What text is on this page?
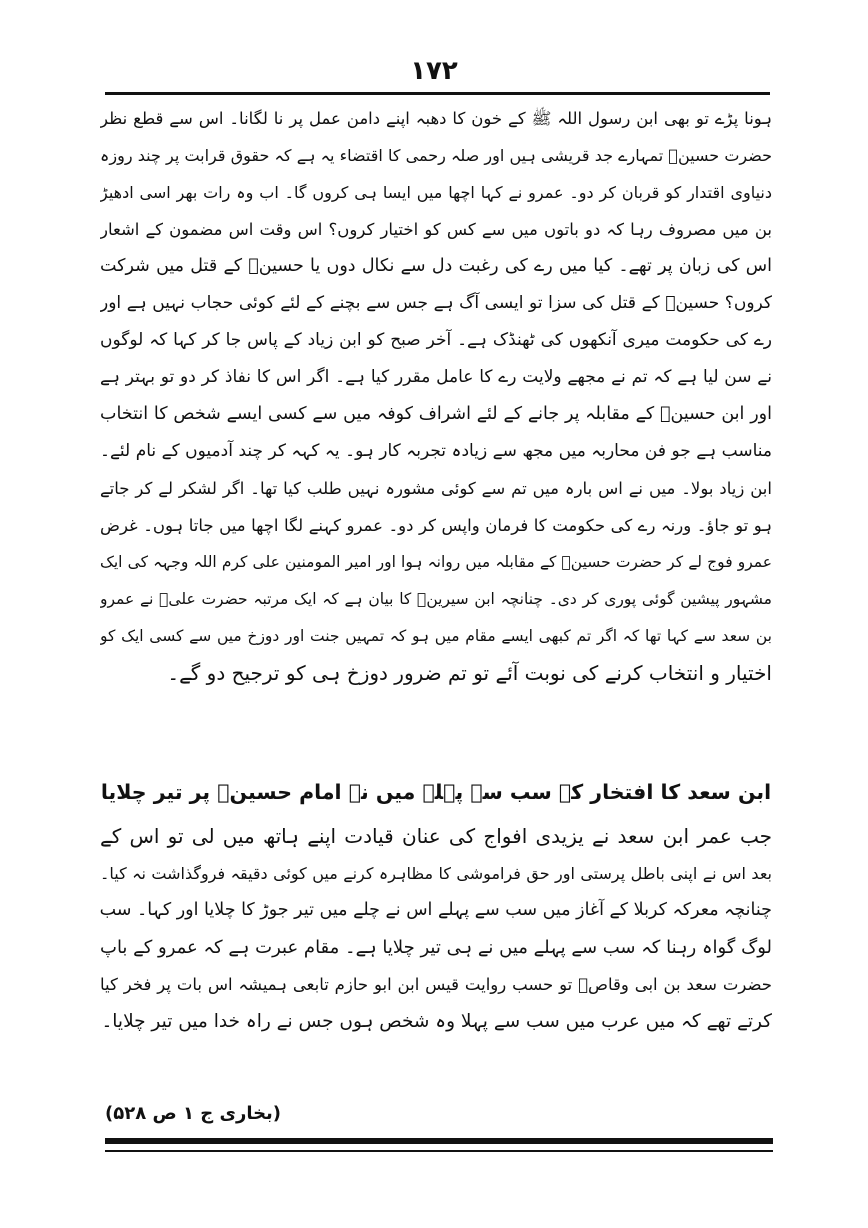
۱۷۲
ہونا پڑے تو بھی ابن رسول اللہ ﷺ کے خون کا دھبہ اپنے دامن عمل پر نا لگانا۔ اس سے قطع نظر
حضرت حسینؓ تمہارے جد قریشی ہیں اور صلہ رحمی کا اقتضاء یہ ہے کہ حقوق قرابت پر چند روزہ
دنیاوی اقتدار کو قربان کر دو۔ عمرو نے کہا اچھا میں ایسا ہی کروں گا۔ اب وہ رات بھر اسی ادھیڑ
بن میں مصروف رہا کہ دو باتوں میں سے کس کو اختیار کروں؟ اس وقت اس مضمون کے اشعار
اس کی زبان پر تھے۔ کیا میں رے کی رغبت دل سے نکال دوں یا حسینؓ کے قتل میں شرکت
کروں؟ حسینؓ کے قتل کی سزا تو ایسی آگ ہے جس سے بچنے کے لئے کوئی حجاب نہیں ہے اور
رے کی حکومت میری آنکھوں کی ٹھنڈک ہے۔ آخر صبح کو ابن زیاد کے پاس جا کر کہا کہ لوگوں
نے سن لیا ہے کہ تم نے مجھے ولایت رے کا عامل مقرر کیا ہے۔ اگر اس کا نفاذ کر دو تو بہتر ہے
اور ابن حسینؓ کے مقابلہ پر جانے کے لئے اشراف کوفہ میں سے کسی ایسے شخص کا انتخاب
مناسب ہے جو فن محاربہ میں مجھ سے زیادہ تجربہ کار ہو۔ یہ کہہ کر چند آدمیوں کے نام لئے۔
ابن زیاد بولا۔ میں نے اس بارہ میں تم سے کوئی مشورہ نہیں طلب کیا تھا۔ اگر لشکر لے کر جاتے
ہو تو جاؤ۔ ورنہ رے کی حکومت کا فرمان واپس کر دو۔ عمرو کہنے لگا اچھا میں جاتا ہوں۔ غرض
عمرو فوج لے کر حضرت حسینؓ کے مقابلہ میں روانہ ہوا اور امیر المومنین علی کرم اللہ وجہہ کی ایک
مشہور پیشین گوئی پوری کر دی۔ چنانچہ ابن سیرینؒ کا بیان ہے کہ ایک مرتبہ حضرت علیؓ نے عمرو
بن سعد سے کہا تھا کہ اگر تم کبھی ایسے مقام میں ہو کہ تمہیں جنت اور دوزخ میں سے کسی ایک کو
اختیار و انتخاب کرنے کی نوبت آئے تو تم ضرور دوزخ ہی کو ترجیح دو گے۔
ابن سعد کا افتخار کہ سب سے پہلے میں نے امام حسینؓ پر تیر چلایا
جب عمر ابن سعد نے یزیدی افواج کی عنان قیادت اپنے ہاتھ میں لی تو اس کے
بعد اس نے اپنی باطل پرستی اور حق فراموشی کا مظاہرہ کرنے میں کوئی دقیقہ فروگذاشت نہ کیا۔
چنانچہ معرکہ کربلا کے آغاز میں سب سے پہلے اس نے چلے میں تیر جوڑ کا چلایا اور کہا۔ سب
لوگ گواہ رہنا کہ سب سے پہلے میں نے ہی تیر چلایا ہے۔ مقام عبرت ہے کہ عمرو کے باپ
حضرت سعد بن ابی وقاصؓ تو حسب روایت قیس ابن ابو حازم تابعی ہمیشہ اس بات پر فخر کیا
کرتے تھے کہ میں عرب میں سب سے پہلا وہ شخص ہوں جس نے راہ خدا میں تیر چلایا۔
(بخاری ج ۱ ص ۵۲۸)
